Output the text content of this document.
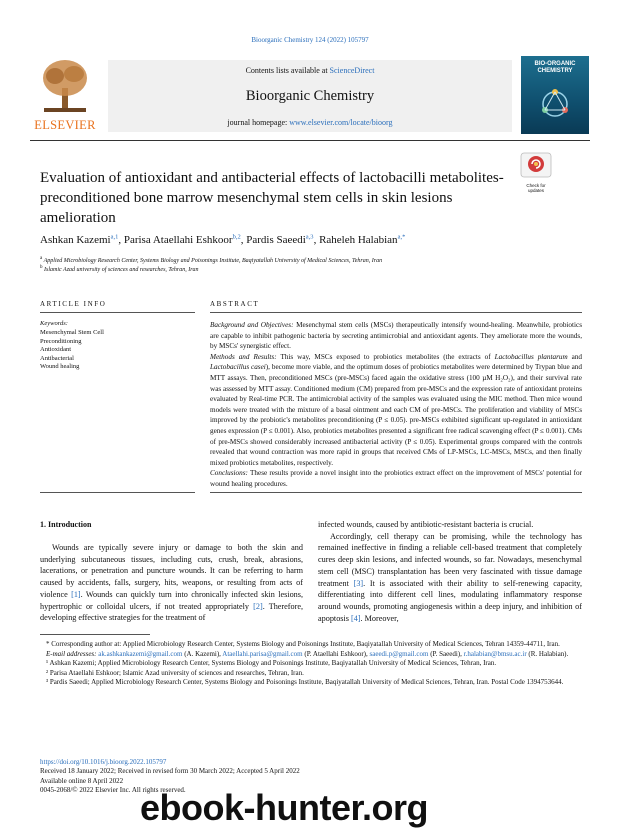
Bioorganic Chemistry 124 (2022) 105797
ELSEVIER
Contents lists available at ScienceDirect
Bioorganic Chemistry
journal homepage: www.elsevier.com/locate/bioorg
BIO-ORGANIC CHEMISTRY
Evaluation of antioxidant and antibacterial effects of lactobacilli metabolites- preconditioned bone marrow mesenchymal stem cells in skin lesions amelioration
Check for updates
Ashkan Kazemi$^{a,1}$, Parisa Ataellahi Eshkoor$^{b,2}$, Pardis Saeedi$^{a,3}$, Raheleh Halabian$^{a,*}$
$^a$ Applied Microbiology Research Center, Systems Biology and Poisonings Institute, Baqiyatallah University of Medical Sciences, Tehran, Iran
$^b$ Islamic Azad university of sciences and researches, Tehran, Iran
ARTICLE INFO
Keywords:
Mesenchymal Stem Cell
Preconditioning
Antioxidant
Antibacterial
Wound healing
ABSTRACT

Background and Objectives: Mesenchymal stem cells (MSCs) therapeutically intensify wound-healing. Meanwhile, probiotics are capable to inhibit pathogenic bacteria by secreting antimicrobial and antioxidant agents. They ameliorate more the wounds, by MSCs' synergistic effect.

Methods and Results: This way, MSCs exposed to probiotics metabolites (the extracts of Lactobacillus plantarum and Lactobacillus casei), become more viable, and the optimum doses of probiotics metabolites were determined by Trypan blue and MTT assays. Then, preconditioned MSCs (pre-MSCs) faced again the oxidative stress (100 µM H₂O₂), and their survival rate was assessed by MTT assay. Conditioned medium (CM) prepared from pre-MSCs and the expression rate of antioxidant proteins evaluated by Real-time PCR. The antimicrobial activity of the samples was evaluated using the MIC method. Then mice wound models were treated with the mixture of a basal ointment and each CM of pre-MSCs. The proliferation and viability of MSCs improved by the probiotic's metabolites preconditioning (P ≤ 0.05). pre-MSCs exhibited significant up-regulated in antioxidant genes expression (P ≤ 0.001). Also, probiotics metabolites presented a significant free radical scavenging effect (P ≤ 0.001). CMs of pre-MSCs showed considerably increased antibacterial activity (P ≤ 0.05). Experimental groups compared with the controls revealed that wound contraction was more rapid in groups that received CMs of LP-MSCs, LC-MSCs, MSCs, and then finally mixed probiotics metabolites, respectively.

Conclusions: These results provide a novel insight into the probiotics extract effect on the improvement of MSCs' potential for wound healing procedures.

1. Introduction

Wounds are typically severe injury or damage to both the skin and underlying subcutaneous tissues, including cuts, crush, break, abrasions, lacerations, or penetration and puncture wounds. It can be referring to harm caused by accidents, falls, surgery, hits, weapons, or resulting from acts of violence [1]. Wounds can quickly turn into chronically infected skin lesions, hypertrophic or colloidal ulcers, if not treated appropriately [2]. Therefore, developing effective strategies for the treatment of

infected wounds, caused by antibiotic-resistant bacteria is crucial.

Accordingly, cell therapy can be promising, while the technology has remained ineffective in finding a reliable cell-based treatment that completely cures deep skin lesions, and infected wounds, so far. Nowadays, mesenchymal stem cell (MSC) transplantation has been very fascinated with tissue damage treatment [3]. It is associated with their ability to self-renewing capacity, differentiating into different cell lines, modulating inflammatory response around wounds, promoting angiogenesis within a deep injury, and inhibition of apoptosis [4]. Moreover,

* Corresponding author at: Applied Microbiology Research Center, Systems Biology and Poisonings Institute, Baqiyatallah University of Medical Sciences, Tehran 14359-44711, Iran.

E-mail addresses: ak.ashkankazemi@gmail.com (A. Kazemi), Ataellahi.parisa@gmail.com (P. Ataellahi Eshkoor), saeedi.p@gmail.com (P. Saeedi), r.halabian@bmsu.ac.ir (R. Halabian).

¹ Ashkan Kazemi; Applied Microbiology Research Center, Systems Biology and Poisonings Institute, Baqiyatallah University of Medical Sciences, Tehran, Iran.

² Parisa Ataellahi Eshkoor; Islamic Azad university of sciences and researches, Tehran, Iran.

³ Pardis Saeedi; Applied Microbiology Research Center, Systems Biology and Poisonings Institute, Baqiyatallah University of Medical Sciences, Tehran, Iran. Postal Code 1394753644.

https://doi.org/10.1016/j.bioorg.2022.105797
Received 18 January 2022; Received in revised form 30 March 2022; Accepted 5 April 2022
Available online 8 April 2022
0045-2068/© 2022 Elsevier Inc. All rights reserved.
ebook-hunter.org
